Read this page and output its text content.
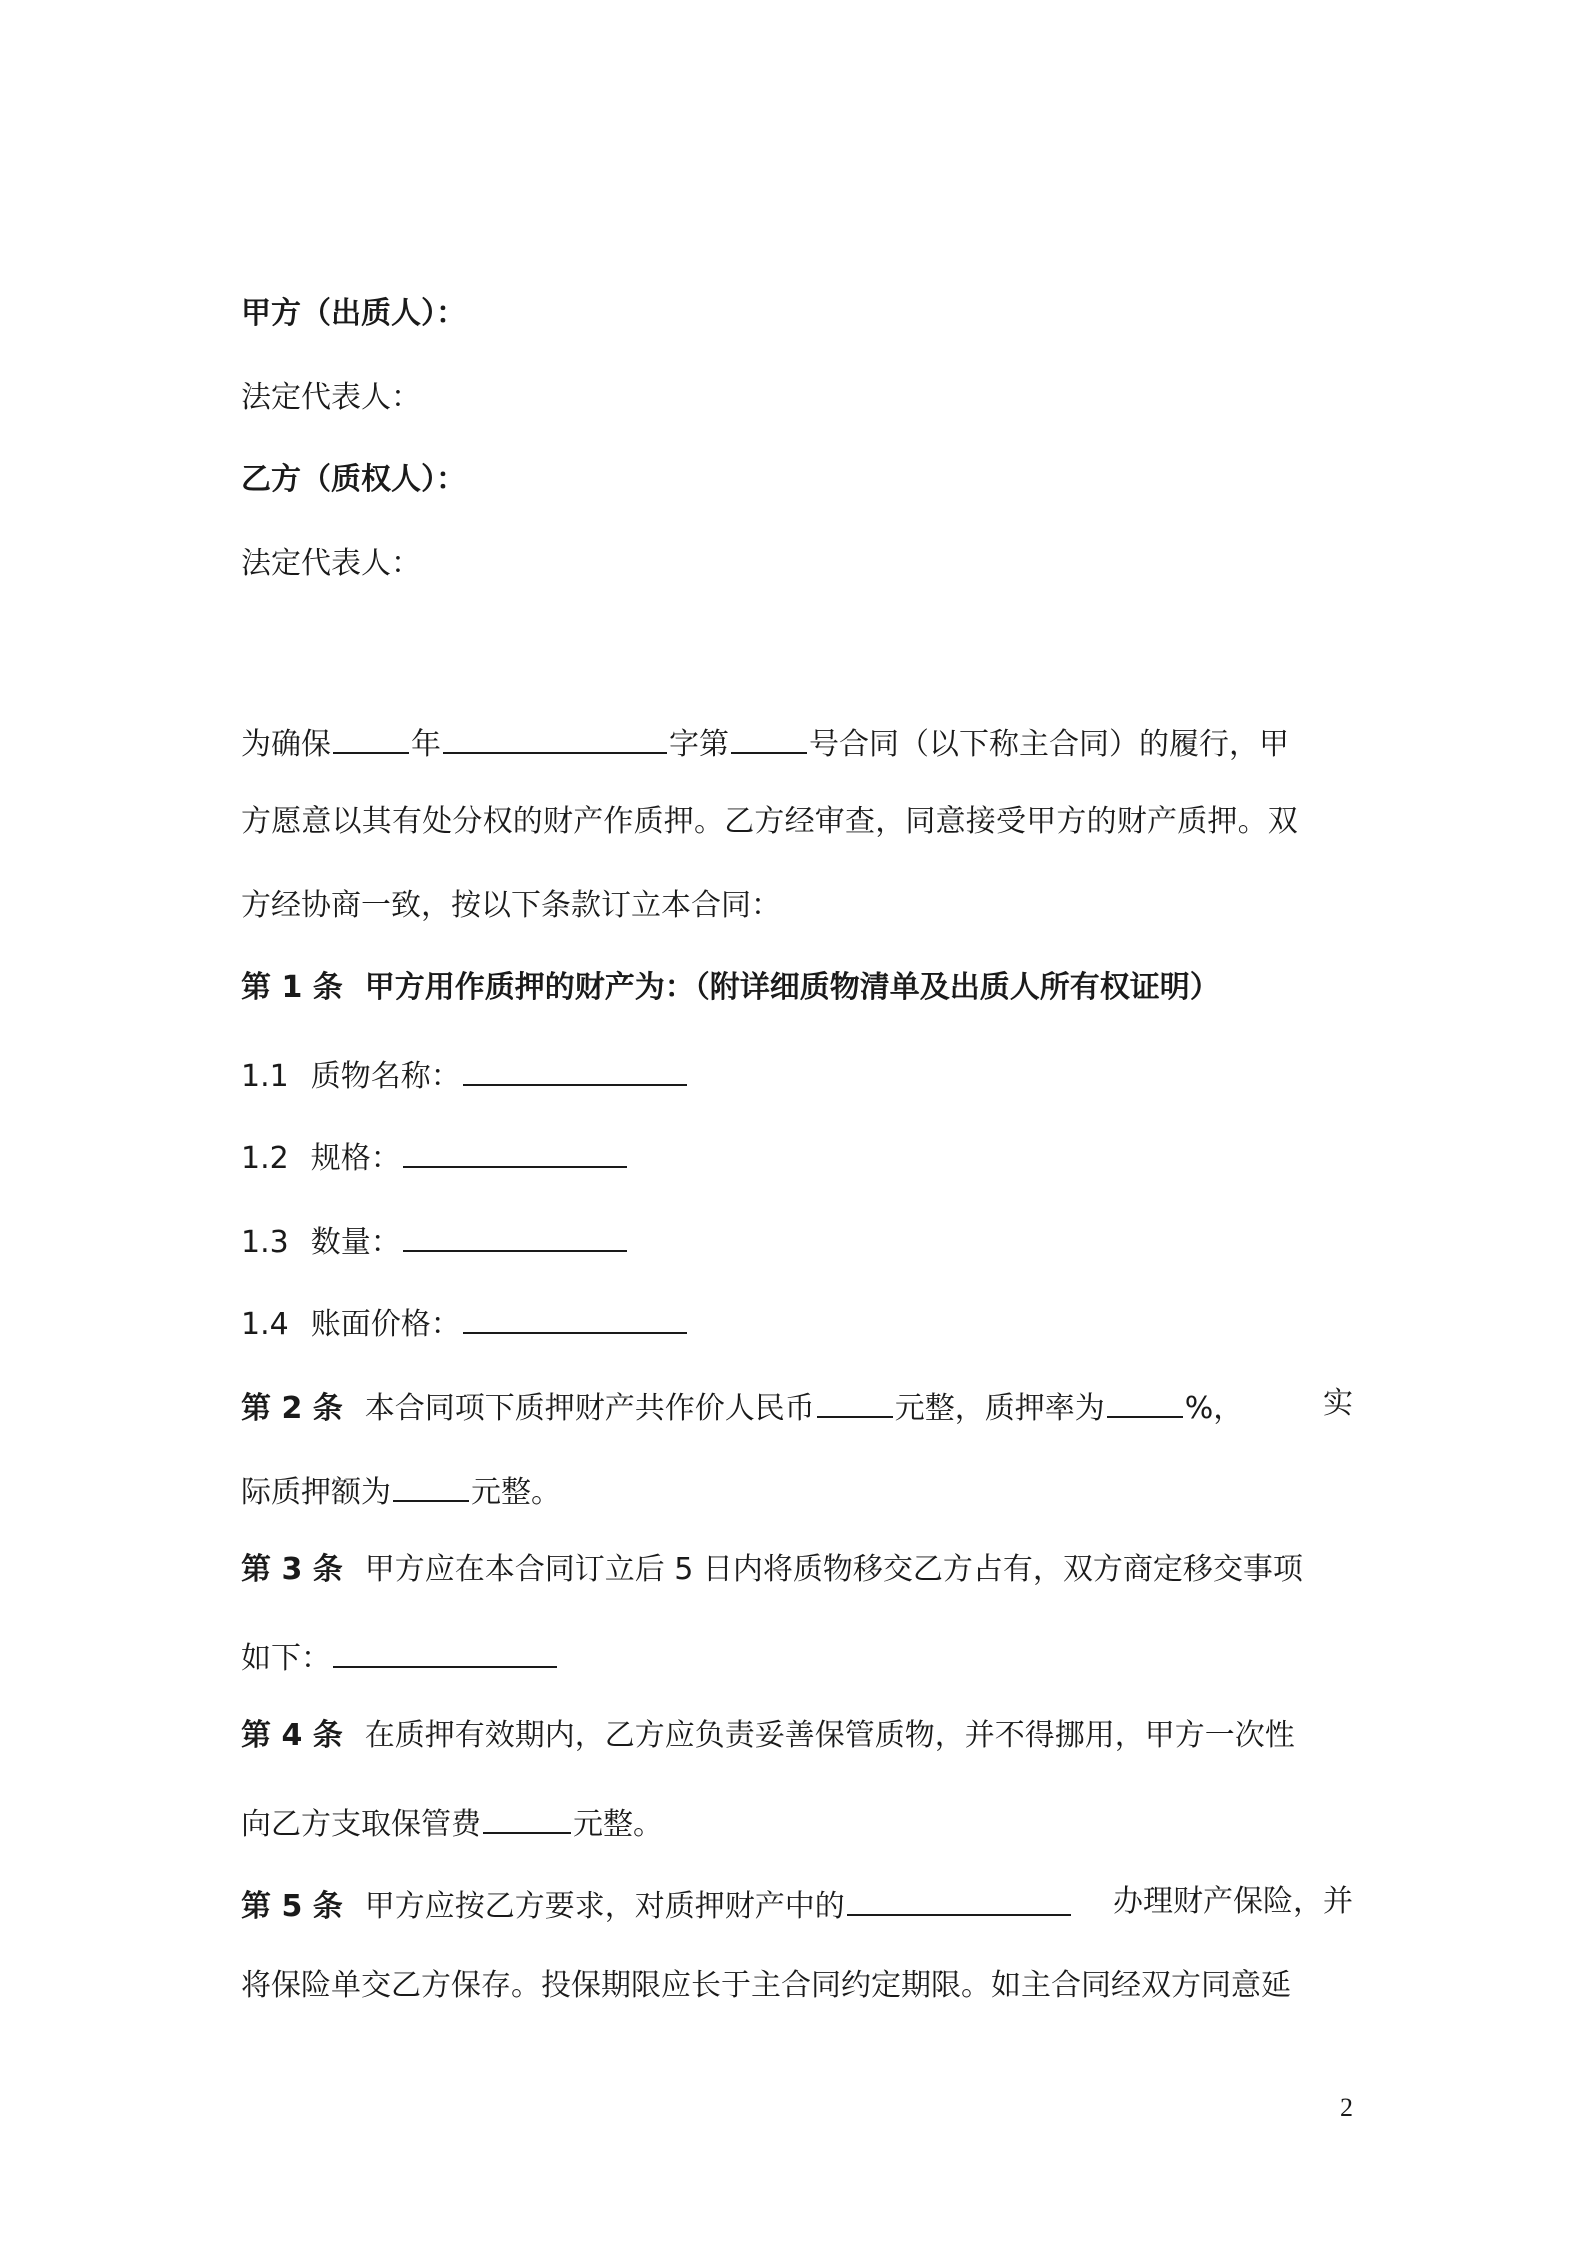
甲方（出质人）：
法定代表人：
乙方（质权人）：
法定代表人：
为确保	年	字第	号合同（以下称主合同）的履行，甲
方愿意以其有处分权的财产作质押。乙方经审查，同意接受甲方的财产质押。双
方经协商一致，按以下条款订立本合同：
第 1 条 甲方用作质押的财产为：（附详细质物清单及出质人所有权证明）
1.1 质物名称：
1.2 规格：
1.3 数量：
1.4 账面价格：
第 2 条 本合同项下质押财产共作价人民币	元整，质押率为	%，	实
际质押额为	元整。
第 3 条 甲方应在本合同订立后 5 日内将质物移交乙方占有，双方商定移交事项
如下：
第 4 条 在质押有效期内，乙方应负责妥善保管质物，并不得挪用，甲方一次性
向乙方支取保管费	元整。
第 5 条 甲方应按乙方要求，对质押财产中的	办理财产保险，并
将保险单交乙方保存。投保期限应长于主合同约定期限。如主合同经双方同意延
2
